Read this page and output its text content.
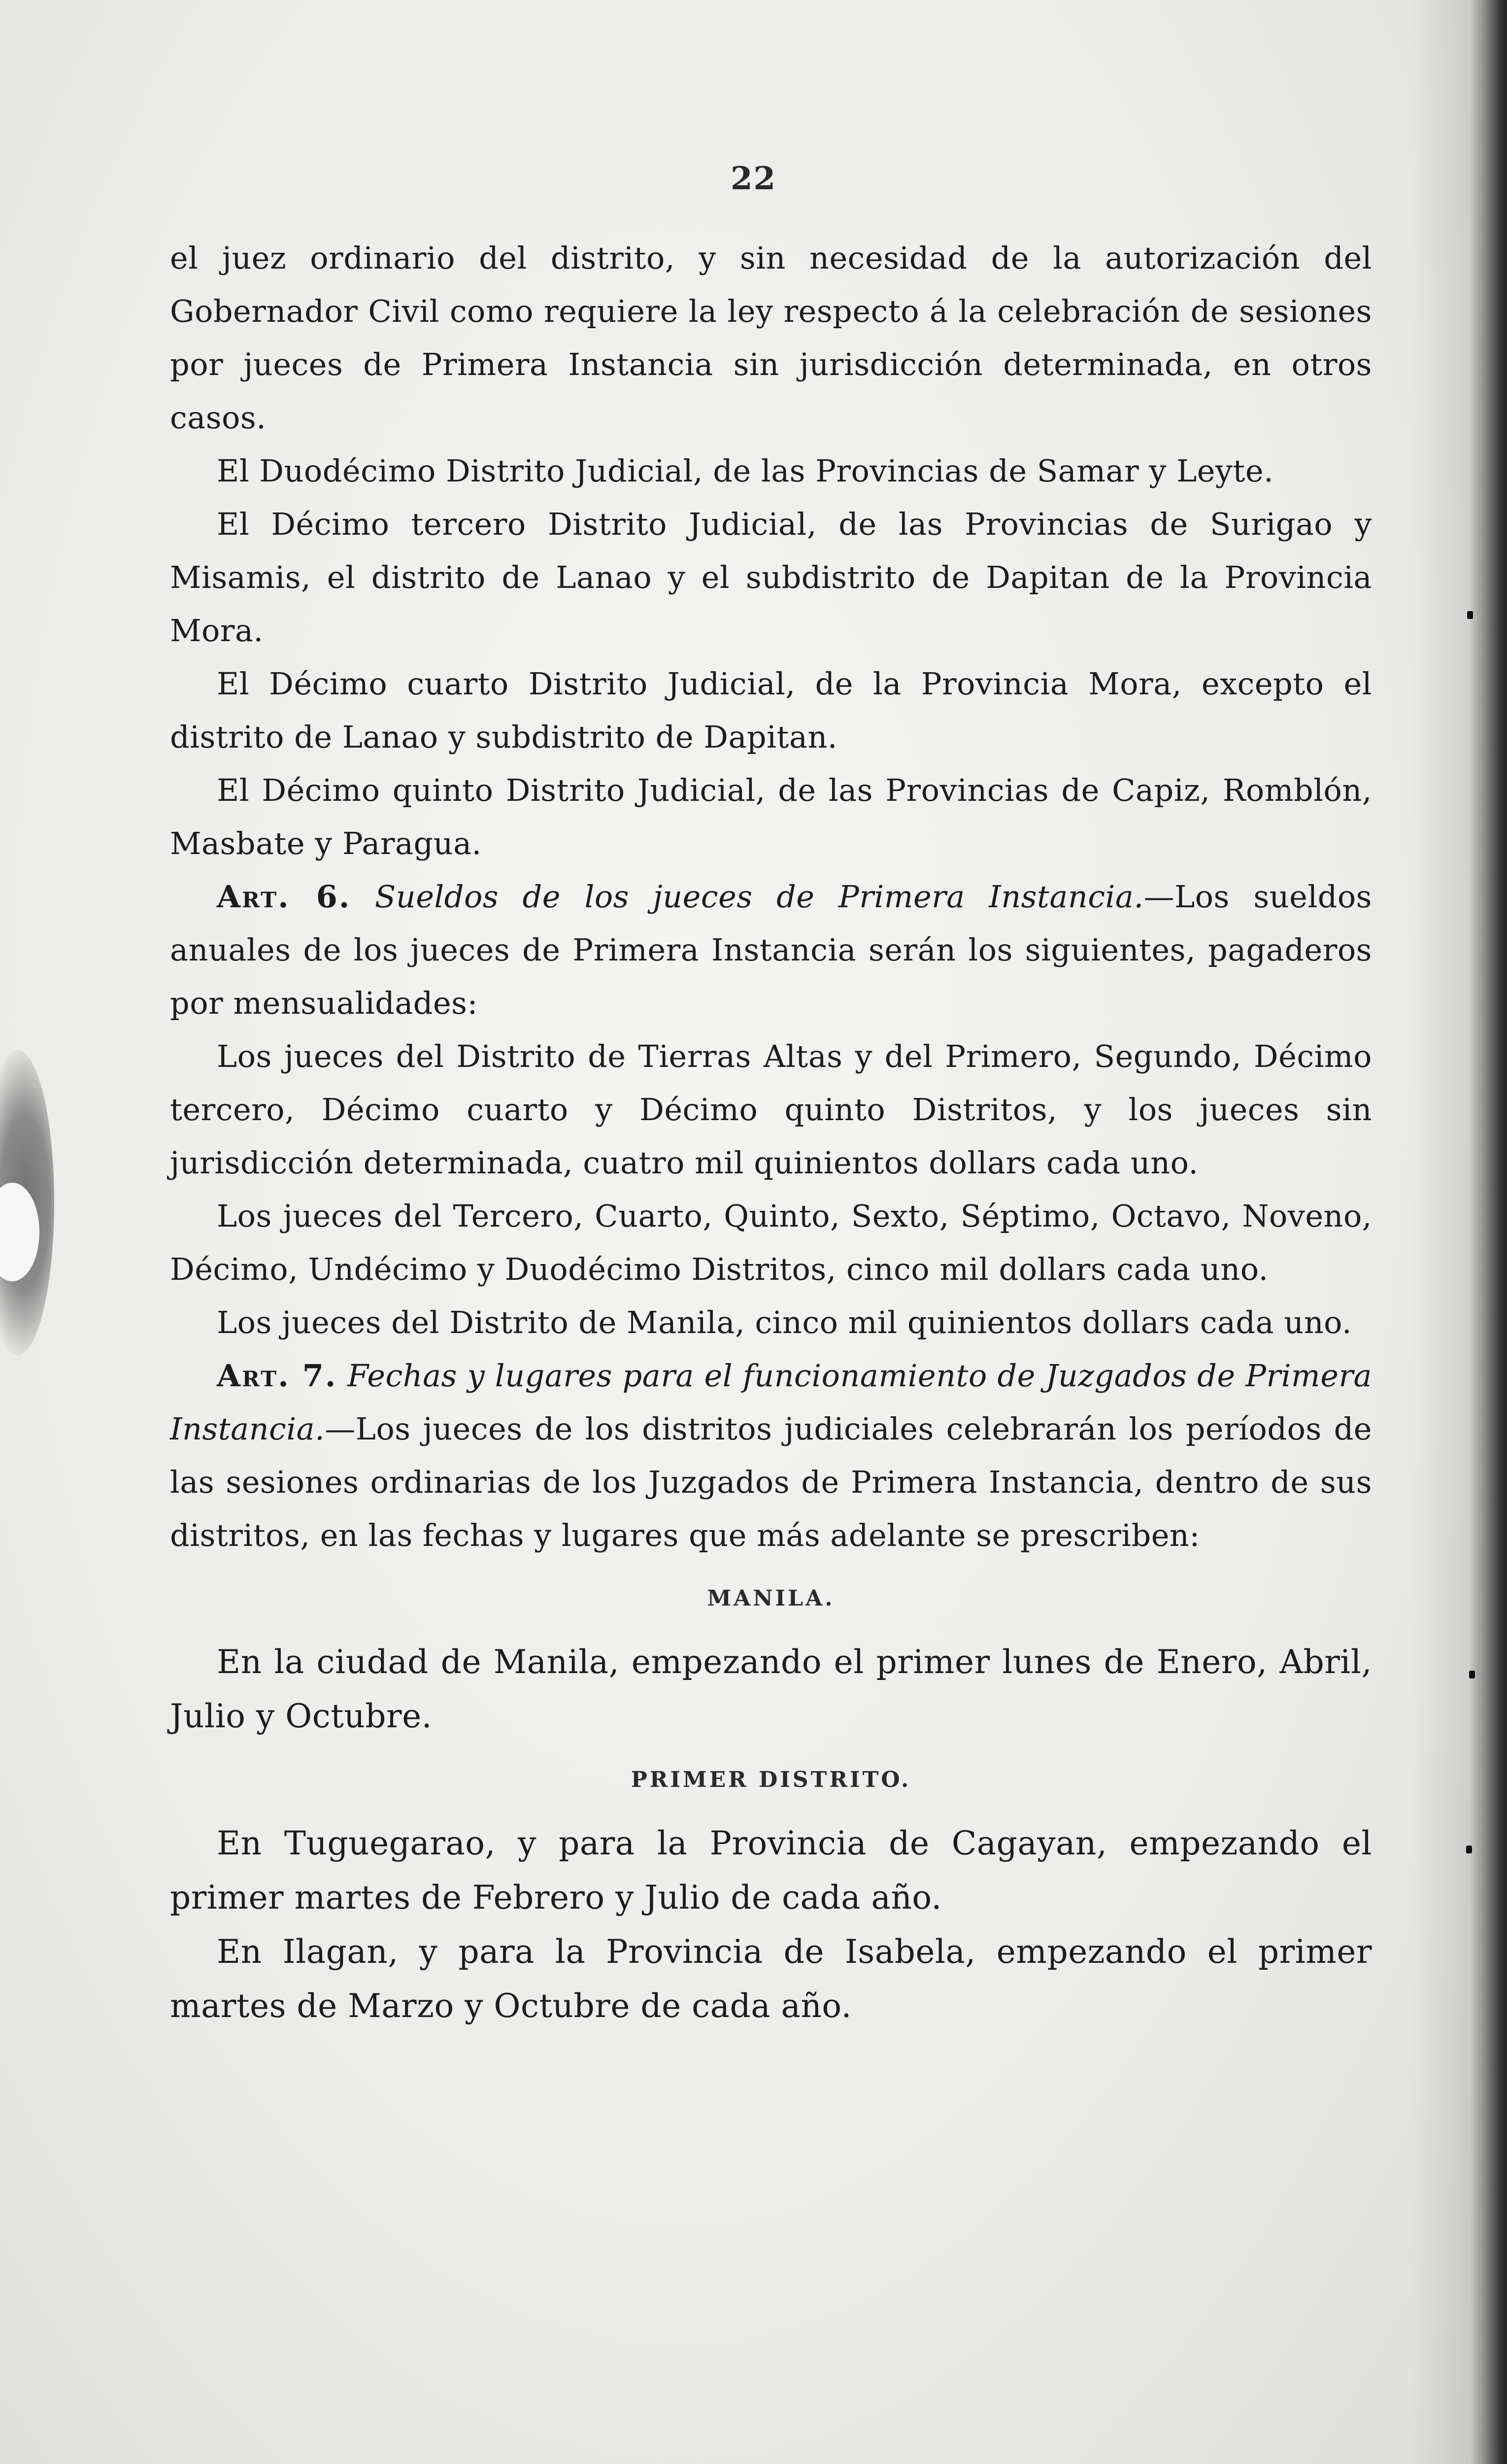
22

el juez ordinario del distrito, y sin necesidad de la autorización del Gobernador Civil como requiere la ley respecto á la celebración de sesiones por jueces de Primera Instancia sin jurisdicción determinada, en otros casos.

El Duodécimo Distrito Judicial, de las Provincias de Samar y Leyte.

El Décimo tercero Distrito Judicial, de las Provincias de Surigao y Misamis, el distrito de Lanao y el subdistrito de Dapitan de la Provincia Mora.

El Décimo cuarto Distrito Judicial, de la Provincia Mora, excepto el distrito de Lanao y subdistrito de Dapitan.

El Décimo quinto Distrito Judicial, de las Provincias de Capiz, Romblón, Masbate y Paragua.

Art. 6. Sueldos de los jueces de Primera Instancia.—Los sueldos anuales de los jueces de Primera Instancia serán los siguientes, pagaderos por mensualidades:

Los jueces del Distrito de Tierras Altas y del Primero, Segundo, Décimo tercero, Décimo cuarto y Décimo quinto Distritos, y los jueces sin jurisdicción determinada, cuatro mil quinientos dollars cada uno.

Los jueces del Tercero, Cuarto, Quinto, Sexto, Séptimo, Octavo, Noveno, Décimo, Undécimo y Duodécimo Distritos, cinco mil dollars cada uno.

Los jueces del Distrito de Manila, cinco mil quinientos dollars cada uno.

Art. 7. Fechas y lugares para el funcionamiento de Juzgados de Primera Instancia.—Los jueces de los distritos judiciales celebrarán los períodos de las sesiones ordinarias de los Juzgados de Primera Instancia, dentro de sus distritos, en las fechas y lugares que más adelante se prescriben:

MANILA.

En la ciudad de Manila, empezando el primer lunes de Enero, Abril, Julio y Octubre.

PRIMER DISTRITO.

En Tuguegarao, y para la Provincia de Cagayan, empezando el primer martes de Febrero y Julio de cada año.

En Ilagan, y para la Provincia de Isabela, empezando el primer martes de Marzo y Octubre de cada año.
